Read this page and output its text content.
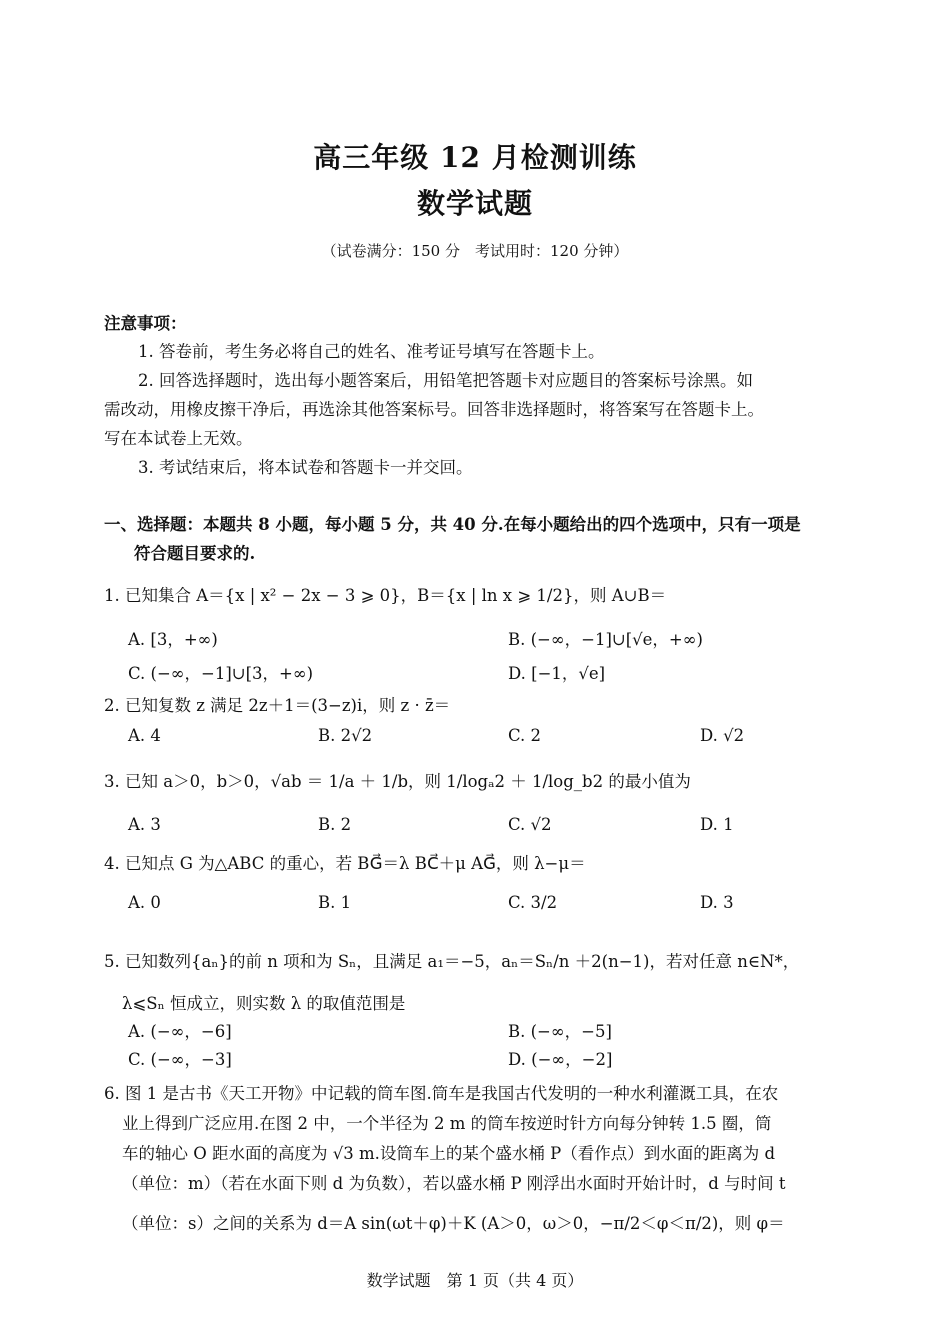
高三年级 12 月检测训练
数学试题
（试卷满分：150 分　考试用时：120 分钟）
注意事项：
1. 答卷前，考生务必将自己的姓名、准考证号填写在答题卡上。
2. 回答选择题时，选出每小题答案后，用铅笔把答题卡对应题目的答案标号涂黑。如
需改动，用橡皮擦干净后，再选涂其他答案标号。回答非选择题时，将答案写在答题卡上。
写在本试卷上无效。
3. 考试结束后，将本试卷和答题卡一并交回。
一、选择题：本题共 8 小题，每小题 5 分，共 40 分.在每小题给出的四个选项中，只有一项是
符合题目要求的.
1. 已知集合 A＝{x | x² − 2x − 3 ⩾ 0}，B＝{x | ln x ⩾ 1/2}，则 A∪B＝
A. [3，+∞)	B. (−∞，−1]∪[√e，+∞)
C. (−∞，−1]∪[3，+∞)	D. [−1，√e]
2. 已知复数 z 满足 2z＋1＝(3−z)i，则 z · z̄＝
A. 4	B. 2√2	C. 2	D. √2
3. 已知 a＞0，b＞0，√ab ＝ 1/a ＋ 1/b，则 1/logₐ2 ＋ 1/log_b2 的最小值为
A. 3	B. 2	C. √2	D. 1
4. 已知点 G 为△ABC 的重心，若 BG⃗＝λ BC⃗＋μ AG⃗，则 λ−μ＝
A. 0	B. 1	C. 3/2	D. 3
5. 已知数列{aₙ}的前 n 项和为 Sₙ，且满足 a₁＝−5，aₙ＝Sₙ/n ＋2(n−1)，若对任意 n∈N*，
λ⩽Sₙ 恒成立，则实数 λ 的取值范围是
A. (−∞，−6]	B. (−∞，−5]
C. (−∞，−3]	D. (−∞，−2]
6. 图 1 是古书《天工开物》中记载的筒车图.筒车是我国古代发明的一种水利灌溉工具，在农
业上得到广泛应用.在图 2 中，一个半径为 2 m 的筒车按逆时针方向每分钟转 1.5 圈，筒
车的轴心 O 距水面的高度为 √3 m.设筒车上的某个盛水桶 P（看作点）到水面的距离为 d
（单位：m）（若在水面下则 d 为负数），若以盛水桶 P 刚浮出水面时开始计时，d 与时间 t
（单位：s）之间的关系为 d＝A sin(ωt＋φ)＋K (A＞0，ω＞0，−π/2＜φ＜π/2)，则 φ＝
数学试题　第 1 页（共 4 页）
